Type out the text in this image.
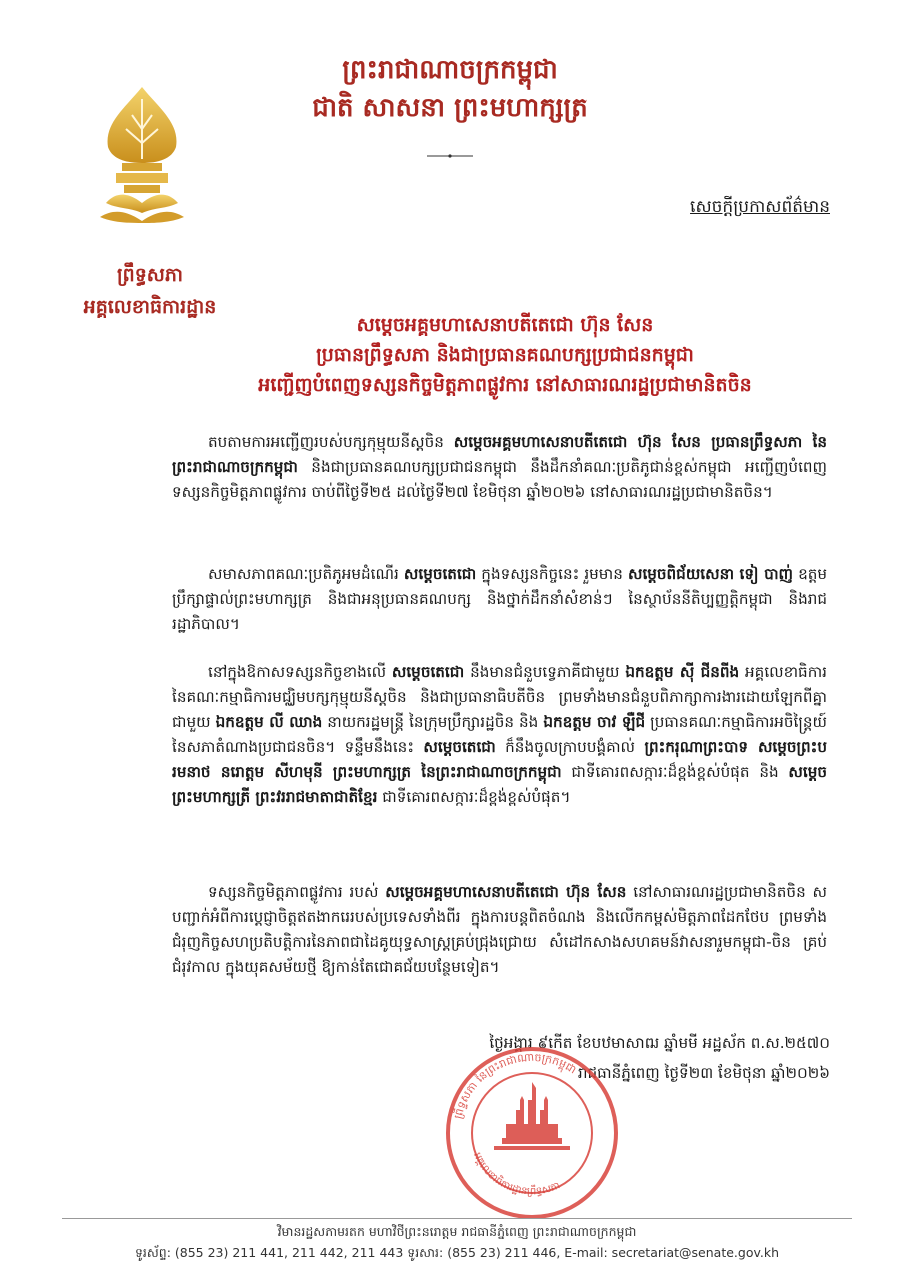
ព្រះរាជាណាចក្រកម្ពុជា
ជាតិ សាសនា ព្រះមហាក្សត្រ
ព្រឹទ្ធសភា
អគ្គលេខាធិការដ្ឋាន
សេចក្តីប្រកាសព័ត៌មាន
សម្តេចអគ្គមហាសេនាបតីតេជោ ហ៊ុន សែន
ប្រធានព្រឹទ្ធសភា និងជាប្រធានគណបក្សប្រជាជនកម្ពុជា
អញ្ជើញបំពេញទស្សនកិច្ចមិត្តភាពផ្លូវការ នៅសាធារណរដ្ឋប្រជាមានិតចិន
តបតាមការអញ្ជើញរបស់បក្សកុម្មុយនីស្តចិន សម្តេចអគ្គមហាសេនាបតីតេជោ ហ៊ុន សែន ប្រធានព្រឹទ្ធសភា នៃព្រះរាជាណាចក្រកម្ពុជា និងជាប្រធានគណបក្សប្រជាជនកម្ពុជា នឹងដឹកនាំគណៈប្រតិភូជាន់ខ្ពស់កម្ពុជា អញ្ជើញបំពេញទស្សនកិច្ចមិត្តភាពផ្លូវការ ចាប់ពីថ្ងៃទី២៥ ដល់ថ្ងៃទី២៧ ខែមិថុនា ឆ្នាំ២០២៦ នៅសាធារណរដ្ឋប្រជាមានិតចិន។
សមាសភាពគណៈប្រតិភូអមដំណើរ សម្តេចតេជោ ក្នុងទស្សនកិច្ចនេះ រួមមាន សម្តេចពិជ័យសេនា ទៀ បាញ់ ឧត្តមប្រឹក្សាផ្ទាល់ព្រះមហាក្សត្រ និងជាអនុប្រធានគណបក្ស និងថ្នាក់ដឹកនាំសំខាន់ៗ នៃស្ថាប័ននីតិប្បញ្ញត្តិកម្ពុជា និងរាជរដ្ឋាភិបាល។
នៅក្នុងឱកាសទស្សនកិច្ចខាងលើ សម្តេចតេជោ នឹងមានជំនួបទ្វេភាគីជាមួយ ឯកឧត្តម ស៊ី ជីនពីង អគ្គលេខាធិការនៃគណៈកម្មាធិការមជ្ឈិមបក្សកុម្មុយនីស្តចិន និងជាប្រធានាធិបតីចិន ព្រមទាំងមានជំនួបពិភាក្សាការងារដោយឡែកពីគ្នា ជាមួយ ឯកឧត្តម លី ឈាង នាយករដ្ឋមន្ត្រី នៃក្រុមប្រឹក្សារដ្ឋចិន និង ឯកឧត្តម ចាវ ឡឺជី ប្រធានគណៈកម្មាធិការអចិន្ត្រៃយ៍នៃសភាតំណាងប្រជាជនចិន។ ទន្ទឹមនឹងនេះ សម្តេចតេជោ ក៏នឹងចូលក្រាបបង្គំគាល់ ព្រះករុណាព្រះបាទ សម្តេចព្រះបរមនាថ នរោត្តម សីហមុនី ព្រះមហាក្សត្រ នៃព្រះរាជាណាចក្រកម្ពុជា ជាទីគោរពសក្ការៈដ៏ខ្ពង់ខ្ពស់បំផុត និង សម្តេចព្រះមហាក្សត្រី ព្រះវររាជមាតាជាតិខ្មែរ ជាទីគោរពសក្ការៈដ៏ខ្ពង់ខ្ពស់បំផុត។
ទស្សនកិច្ចមិត្តភាពផ្លូវការ របស់ សម្តេចអគ្គមហាសេនាបតីតេជោ ហ៊ុន សែន នៅសាធារណរដ្ឋប្រជាមានិតចិន សបញ្ជាក់អំពីការប្តេជ្ញាចិត្តឥតងាករេរបស់ប្រទេសទាំងពីរ ក្នុងការបន្តពិតចំណង និងលើកកម្ពស់មិត្តភាពដែកថែប ព្រមទាំងជំរុញកិច្ចសហប្រតិបត្តិការនៃភាពជាដៃគូយុទ្ធសាស្ត្រគ្រប់ជ្រុងជ្រោយ សំដៅកសាងសហគមន៍វាសនារួមកម្ពុជា-ចិន គ្រប់ជំរុវកាល ក្នុងយុគសម័យថ្មី ឱ្យកាន់តែជោគជ័យបន្ថែមទៀត។
ថ្ងៃអង្គារ ៩កើត ខែបឋមាសាឍ ឆ្នាំមមី អដ្ឋស័ក ព.ស.២៥៧០
រាជធានីភ្នំពេញ ថ្ងៃទី២៣ ខែមិថុនា ឆ្នាំ២០២៦
ព្រឹទ្ធសភា នៃព្រះរាជាណាចក្រកម្ពុជា
អគ្គលេខាធិការដ្ឋានព្រឹទ្ធសភា
វិមានរដ្ឋសភាមរតក មហាវិថីព្រះនរោត្តម រាជធានីភ្នំពេញ ព្រះរាជាណាចក្រកម្ពុជា
ទូរស័ព្ទ: (855 23) 211 441, 211 442, 211 443 ទូរសារ: (855 23) 211 446, E-mail: secretariat@senate.gov.kh
